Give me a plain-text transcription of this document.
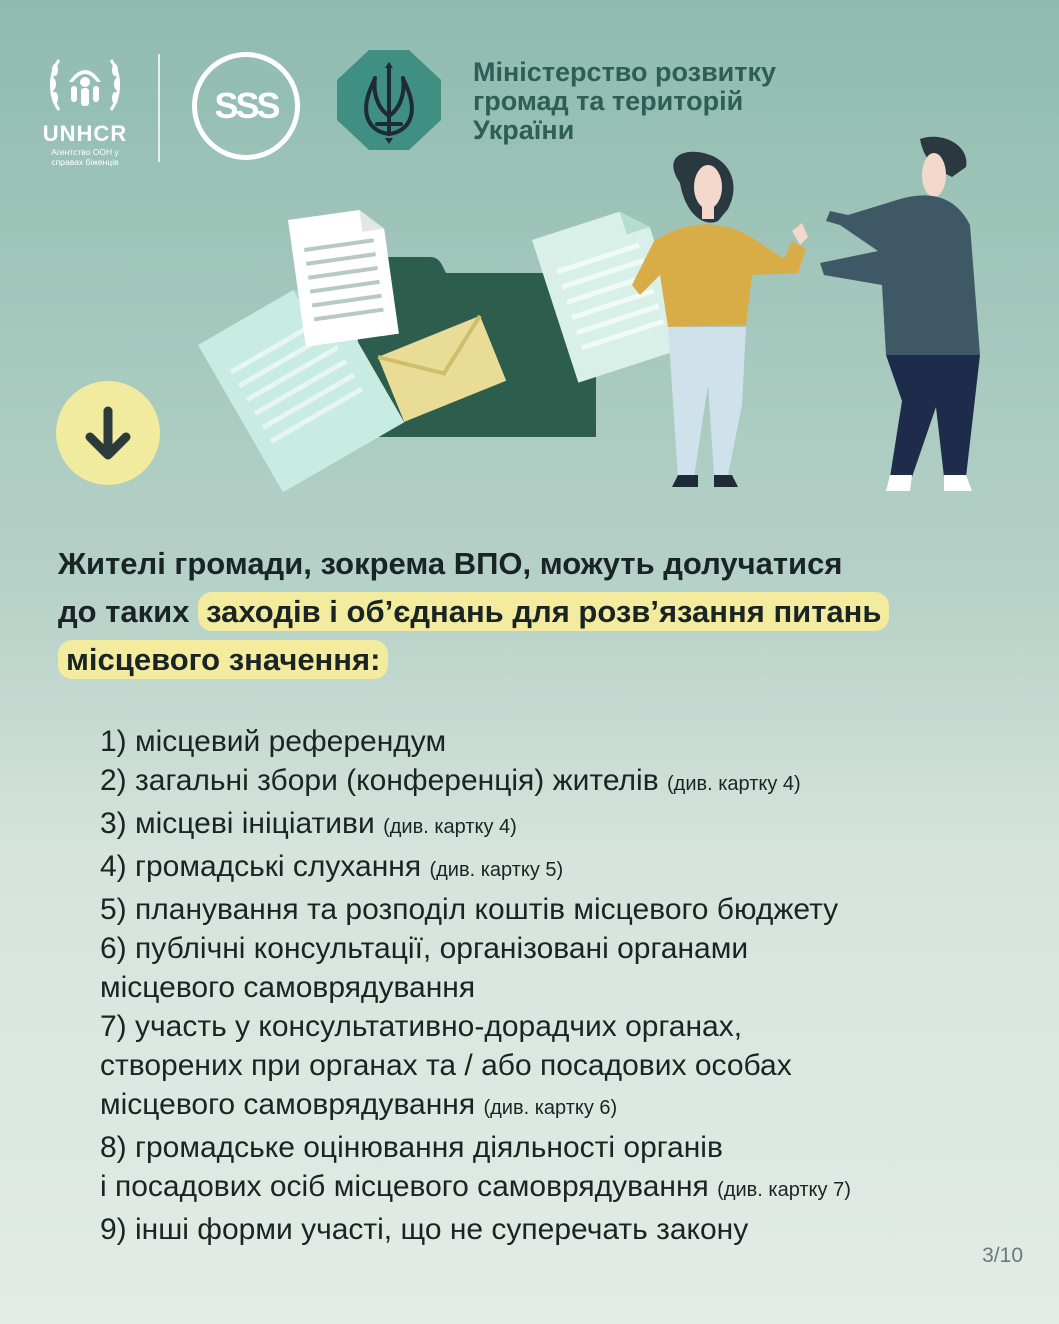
UNHCR
Агентство ООН у
справах біженців
SSS
Міністерство розвитку
громад та територій
України
Жителі громади, зокрема ВПО, можуть долучатися
до таких заходів і об’єднань для розв’язання питань місцевого значення:
1) місцевий референдум
2) загальні збори (конференція) жителів (див. картку 4)
3) місцеві ініціативи (див. картку 4)
4) громадські слухання (див. картку 5)
5) планування та розподіл коштів місцевого бюджету
6) публічні консультації, організовані органами
місцевого самоврядування
7) участь у консультативно-дорадчих органах,
створених при органах та / або посадових особах
місцевого самоврядування (див. картку 6)
8) громадське оцінювання діяльності органів
і посадових осіб місцевого самоврядування (див. картку 7)
9) інші форми участі, що не суперечать закону
3/10
